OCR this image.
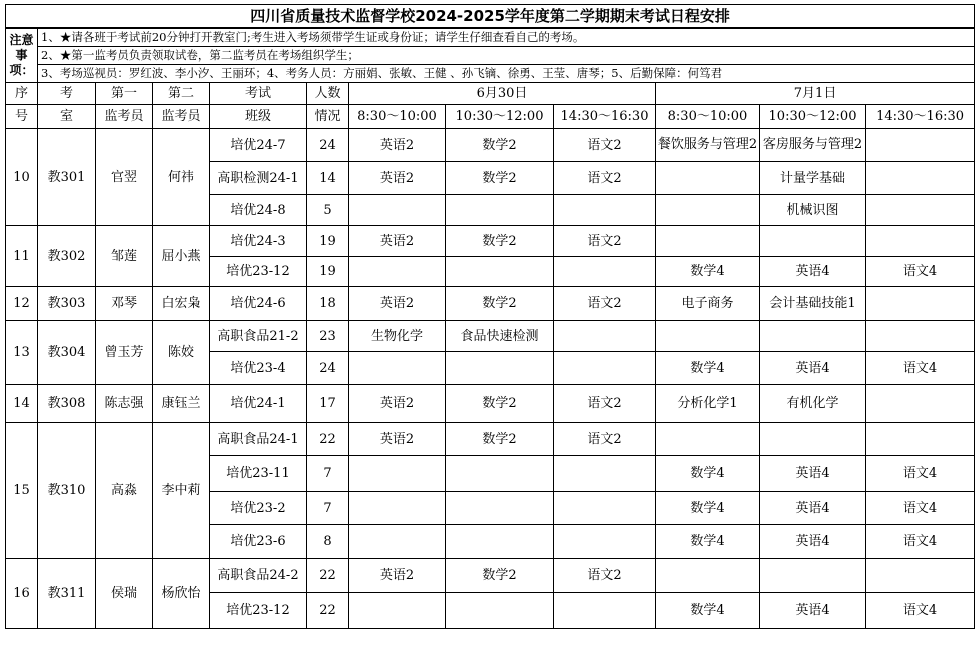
四川省质量技术监督学校2024-2025学年度第二学期期末考试日程安排											
注意事项：	1、★请各班于考试前20分钟打开教室门;考生进入考场须带学生证或身份证；请学生仔细查看自己的考场。										
	2、★第一监考员负责领取试卷，第二监考员在考场组织学生；										
	3、考场巡视员：罗红波、李小汐、王丽环；4、考务人员：方丽娟、张敏、王健 、孙飞镝、徐勇、王莹、唐琴；5、后勤保障：何笃君										
序	考	第一	第二	考试	人数	6月30日			7月1日		
号	室	监考员	监考员	班级	情况	8:30～10:00	10:30～12:00	14:30～16:30	8:30～10:00	10:30～12:00	14:30～16:30
10	教301	官翌	何祎	培优24-7	24	英语2	数学2	语文2	餐饮服务与管理2	客房服务与管理2	
				高职检测24-1	14	英语2	数学2	语文2		计量学基础	
				培优24-8	5					机械识图	
11	教302	邹莲	屈小燕	培优24-3	19	英语2	数学2	语文2			
				培优23-12	19				数学4	英语4	语文4
12	教303	邓琴	白宏枭	培优24-6	18	英语2	数学2	语文2	电子商务	会计基础技能1	
13	教304	曾玉芳	陈姣	高职食品21-2	23	生物化学	食品快速检测				
				培优23-4	24				数学4	英语4	语文4
14	教308	陈志强	康钰兰	培优24-1	17	英语2	数学2	语文2	分析化学1	有机化学	
15	教310	高淼	李中莉	高职食品24-1	22	英语2	数学2	语文2			
				培优23-11	7				数学4	英语4	语文4
				培优23-2	7				数学4	英语4	语文4
				培优23-6	8				数学4	英语4	语文4
16	教311	侯瑞	杨欣怡	高职食品24-2	22	英语2	数学2	语文2			
				培优23-12	22				数学4	英语4	语文4
